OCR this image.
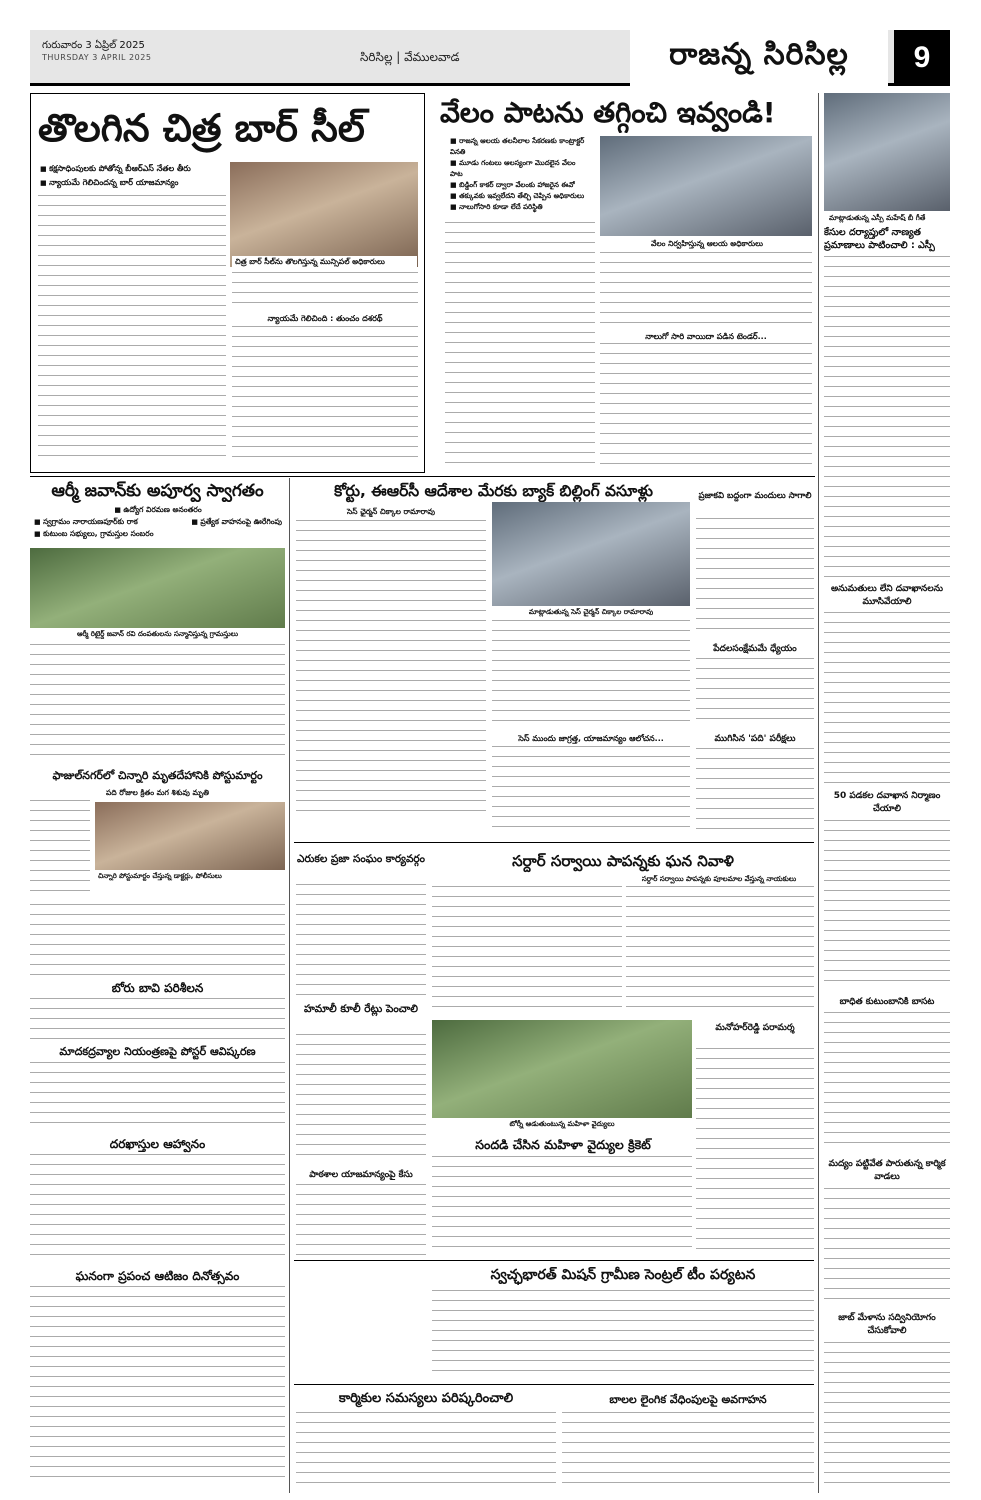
గురువారం 3 ఏప్రిల్ 2025
THURSDAY 3 APRIL 2025	సిరిసిల్ల | వేములవాడ	రాజన్న సిరిసిల్ల	9
తొలగిన చిత్ర బార్ సీల్
■ కక్షసాధింపులకు పోతోన్న బీఆర్ఎస్ నేతల తీరు
■ న్యాయమే గెలిచిందన్న బార్ యాజమాన్యం
చిత్ర బార్ సీల్‌ను తొలగిస్తున్న మున్సిపల్ అధికారులు
న్యాయమే గెలిచింది : తుంచం దశరథ్
వేలం పాటను తగ్గించి ఇవ్వండి!
■ రాజన్న ఆలయ తలనీలాల సేకరణకు కాంట్రాక్టర్ వినతి
■ మూడు గంటలు ఆలస్యంగా మొదలైన వేలం పాట
■ బిడ్డింగ్ కాకర్ ద్వారా వేలంకు హాజరైన ఈవో
■ తక్కువకు ఇవ్వలేదని తేల్చి చెప్పిన అధికారులు
■ నాలుగోసారి కూడా లేదే పరిస్థితి
వేలం నిర్వహిస్తున్న ఆలయ అధికారులు
నాలుగో సారి వాయిదా పడిన టెండర్...
మాట్లాడుతున్న ఎస్పీ మహేష్ బీ గీతే
కేసుల దర్యాప్తులో నాణ్యత ప్రమాణాలు పాటించాలి : ఎస్పీ
అనుమతులు లేని దవాఖానలను మూసివేయాలి
50 పడకల దవాఖాన నిర్మాణం చేయాలి
బాధిత కుటుంబానికి బాసట
మద్యం పట్టివేత పారుతున్న కార్మిక వాడలు
జాబ్ మేళాను సద్వినియోగం చేసుకోవాలి
ఆర్మీ జవాన్‌కు అపూర్వ స్వాగతం
■ ఉద్యోగ విరమణ అనంతరం
■ స్వగ్రామం నారాయణపూర్‌కు రాక
■	ప్రత్యేక వాహనంపై ఊరేగింపు
■ కుటుంబ సభ్యులు, గ్రామస్తుల సంబరం
ఆర్మీ రిటైర్డ్ జవాన్ రవి దంపతులను సన్మానిస్తున్న గ్రామస్తులు
ఫాజుల్‌నగర్‌లో చిన్నారి మృతదేహానికి పోస్టుమార్టం
పది రోజుల క్రితం మగ శిశువు మృతి
చిన్నారి పోస్టుమార్టం చేస్తున్న డాక్టర్లు, పోలీసులు
బోరు బావి పరిశీలన
మాదకద్రవ్యాల నియంత్రణపై పోస్టర్ ఆవిష్కరణ
దరఖాస్తుల ఆహ్వానం
ఘనంగా ప్రపంచ ఆటిజం దినోత్సవం
కోర్టు, ఈఆర్‌సీ ఆదేశాల మేరకు బ్యాక్ బిల్లింగ్ వసూళ్లు
సెస్ ఛైర్మన్ చిక్కాల రామారావు
మాట్లాడుతున్న సెస్ చైర్మన్ చిక్కాల రామారావు
సెస్ ముందు జాగ్రత్త, యాజమాన్యం ఆలోచన...
ప్రజాకవి బద్దంగా మందులు సాగాలి
పేదలసంక్షేమమే ధ్యేయం
ముగిసిన 'పది' పరీక్షలు
ఎరుకల ప్రజా సంఘం కార్యవర్గం
హమాలీ కూలీ రేట్లు పెంచాలి
పాఠశాల యాజమాన్యంపై కేసు
సర్దార్ సర్వాయి పాపన్నకు ఘన నివాళి
సర్దార్ సర్వాయి పాపన్నకు పూలమాల వేస్తున్న నాయకులు
టోర్నీ ఆడుతుంటున్న మహిళా వైద్యులు
మనోహర్‌రెడ్డి పరామర్శ
సందడి చేసిన మహిళా వైద్యుల క్రికెట్
స్వచ్ఛభారత్ మిషన్ గ్రామీణ సెంట్రల్ టీం పర్యటన
కార్మికుల సమస్యలు పరిష్కరించాలి	బాలల లైంగిక వేధింపులపై అవగాహన
